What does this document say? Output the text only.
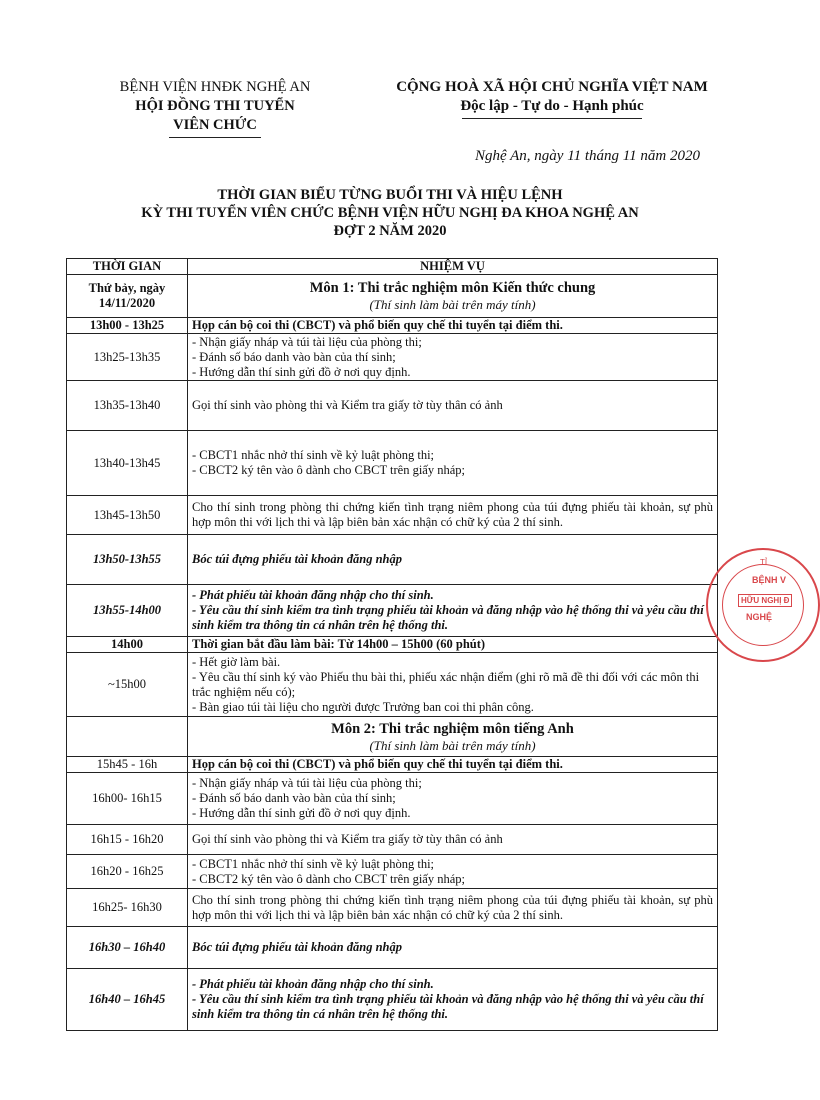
BỆNH VIỆN HNĐK NGHỆ AN
HỘI ĐỒNG THI TUYỂN
VIÊN CHỨC
CỘNG HOÀ XÃ HỘI CHỦ NGHĨA VIỆT NAM
Độc lập - Tự do - Hạnh phúc
Nghệ An, ngày 11 tháng 11 năm 2020
THỜI GIAN BIỂU TỪNG BUỔI THI VÀ HIỆU LỆNH
KỲ THI TUYỂN VIÊN CHỨC BỆNH VIỆN HỮU NGHỊ ĐA KHOA NGHỆ AN
ĐỢT 2 NĂM 2020
THỜI GIAN	NHIỆM VỤ
Thứ bảy, ngày 14/11/2020	Môn 1: Thi trắc nghiệm môn Kiến thức chung
(Thí sinh làm bài trên máy tính)

13h00 - 13h25	Họp cán bộ coi thi (CBCT) và phổ biến quy chế thi tuyển tại điểm thi.
13h25-13h35	- Nhận giấy nháp và túi tài liệu của phòng thi;
- Đánh số báo danh vào bàn của thí sinh;
- Hướng dẫn thí sinh gửi đồ ở nơi quy định.

13h35-13h40	Gọi thí sinh vào phòng thi và Kiểm tra giấy tờ tùy thân có ảnh
13h40-13h45	- CBCT1 nhắc nhở thí sinh về kỷ luật phòng thi;
- CBCT2 ký tên vào ô dành cho CBCT trên giấy nháp;

13h45-13h50	Cho thí sinh trong phòng thi chứng kiến tình trạng niêm phong của túi đựng phiếu tài khoản, sự phù hợp môn thi với lịch thi và lập biên bản xác nhận có chữ ký của 2 thí sinh.
13h50-13h55	Bóc túi đựng phiếu tài khoản đăng nhập
13h55-14h00	- Phát phiếu tài khoản đăng nhập cho thí sinh.
- Yêu cầu thí sinh kiểm tra tình trạng phiếu tài khoản và đăng nhập vào hệ thống thi và yêu cầu thí sinh kiểm tra thông tin cá nhân trên hệ thống thi.

14h00	Thời gian bắt đầu làm bài: Từ 14h00 – 15h00 (60 phút)
~15h00	- Hết giờ làm bài.
- Yêu cầu thí sinh ký vào Phiếu thu bài thi, phiếu xác nhận điểm (ghi rõ mã đề thi đối với các môn thi trắc nghiệm nếu có);
- Bàn giao túi tài liệu cho người được Trưởng ban coi thi phân công.

	Môn 2: Thi trắc nghiệm môn tiếng Anh
(Thí sinh làm bài trên máy tính)

15h45 - 16h	Họp cán bộ coi thi (CBCT) và phổ biến quy chế thi tuyển tại điểm thi.
16h00- 16h15	- Nhận giấy nháp và túi tài liệu của phòng thi;
- Đánh số báo danh vào bàn của thí sinh;
- Hướng dẫn thí sinh gửi đồ ở nơi quy định.

16h15 - 16h20	Gọi thí sinh vào phòng thi và Kiểm tra giấy tờ tùy thân có ảnh
16h20 - 16h25	- CBCT1 nhắc nhở thí sinh về kỷ luật phòng thi;
- CBCT2 ký tên vào ô dành cho CBCT trên giấy nháp;

16h25- 16h30	Cho thí sinh trong phòng thi chứng kiến tình trạng niêm phong của túi đựng phiếu tài khoản, sự phù hợp môn thi với lịch thi và lập biên bản xác nhận có chữ ký của 2 thí sinh.
16h30 – 16h40	Bóc túi đựng phiếu tài khoản đăng nhập
16h40 – 16h45	- Phát phiếu tài khoản đăng nhập cho thí sinh.
- Yêu cầu thí sinh kiểm tra tình trạng phiếu tài khoản và đăng nhập vào hệ thống thi và yêu cầu thí sinh kiểm tra thông tin cá nhân trên hệ thống thi.
TỈ
BỆNH V
HỮU NGHỊ Đ
NGHỆ
